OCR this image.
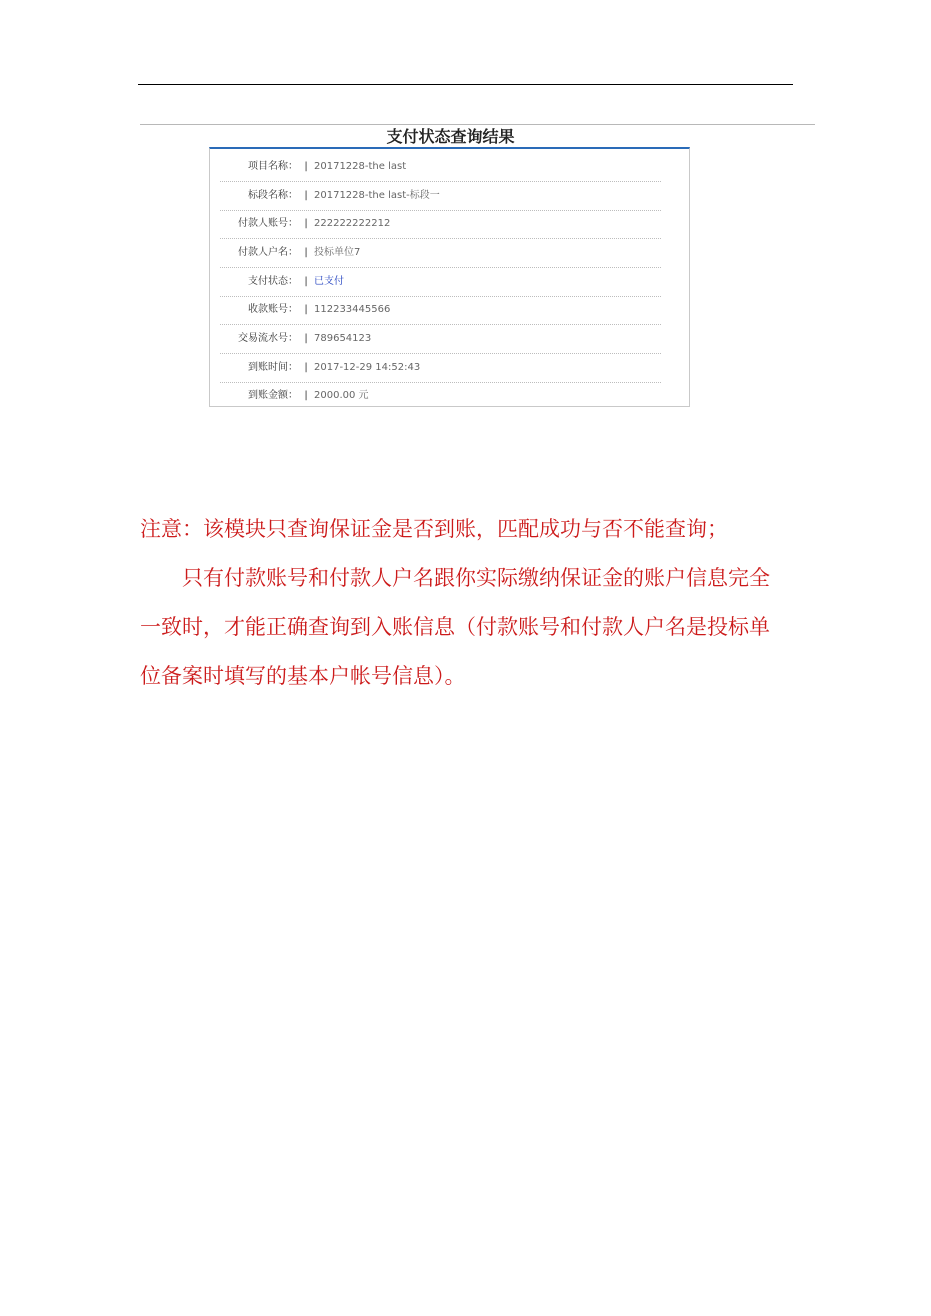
支付状态查询结果
项目名称： | 20171228-the last
标段名称： | 20171228-the last-标段一
付款人账号： | 222222222212
付款人户名： | 投标单位7
支付状态： | 已支付
收款账号： | 112233445566
交易流水号： | 789654123
到账时间： | 2017-12-29 14:52:43
到账金额： | 2000.00 元

注意：该模块只查询保证金是否到账，匹配成功与否不能查询；

只有付款账号和付款人户名跟你实际缴纳保证金的账户信息完全一致时，才能正确查询到入账信息（付款账号和付款人户名是投标单位备案时填写的基本户帐号信息）。
